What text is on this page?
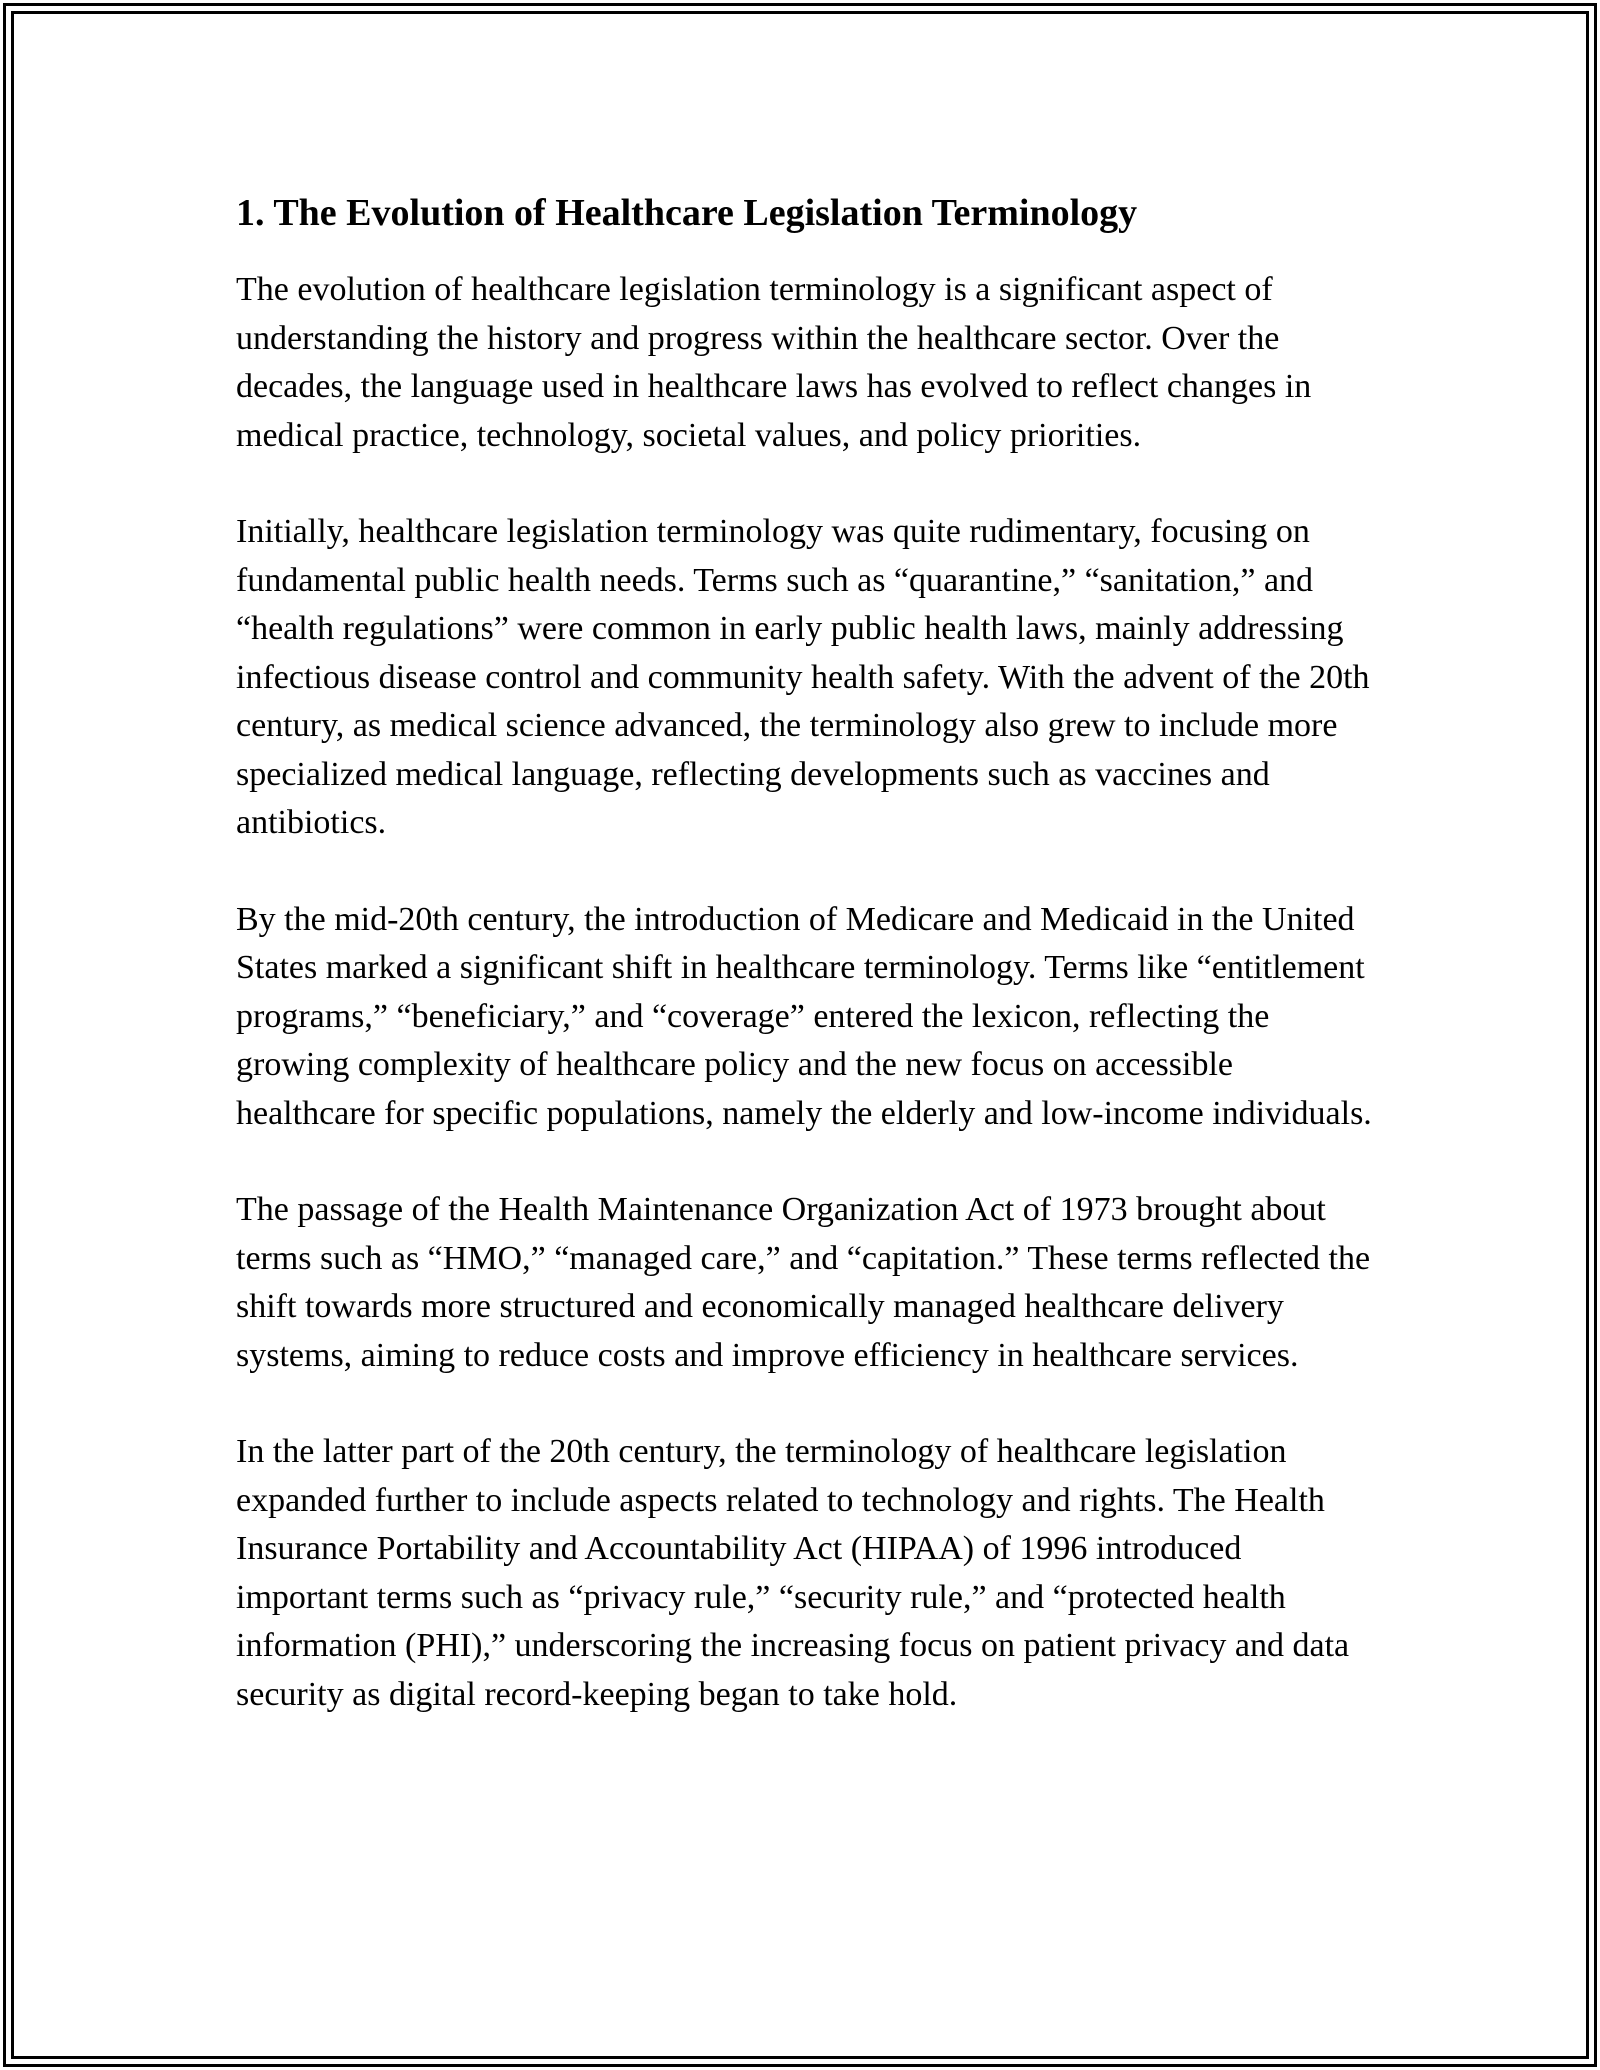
1. The Evolution of Healthcare Legislation Terminology

The evolution of healthcare legislation terminology is a significant aspect of understanding the history and progress within the healthcare sector. Over the decades, the language used in healthcare laws has evolved to reflect changes in medical practice, technology, societal values, and policy priorities.

Initially, healthcare legislation terminology was quite rudimentary, focusing on fundamental public health needs. Terms such as “quarantine,” “sanitation,” and “health regulations” were common in early public health laws, mainly addressing infectious disease control and community health safety. With the advent of the 20th century, as medical science advanced, the terminology also grew to include more specialized medical language, reflecting developments such as vaccines and antibiotics.

By the mid-20th century, the introduction of Medicare and Medicaid in the United States marked a significant shift in healthcare terminology. Terms like “entitlement programs,” “beneficiary,” and “coverage” entered the lexicon, reflecting the growing complexity of healthcare policy and the new focus on accessible healthcare for specific populations, namely the elderly and low-income individuals.

The passage of the Health Maintenance Organization Act of 1973 brought about terms such as “HMO,” “managed care,” and “capitation.” These terms reflected the shift towards more structured and economically managed healthcare delivery systems, aiming to reduce costs and improve efficiency in healthcare services.

In the latter part of the 20th century, the terminology of healthcare legislation expanded further to include aspects related to technology and rights. The Health Insurance Portability and Accountability Act (HIPAA) of 1996 introduced important terms such as “privacy rule,” “security rule,” and “protected health information (PHI),” underscoring the increasing focus on patient privacy and data security as digital record-keeping began to take hold.
